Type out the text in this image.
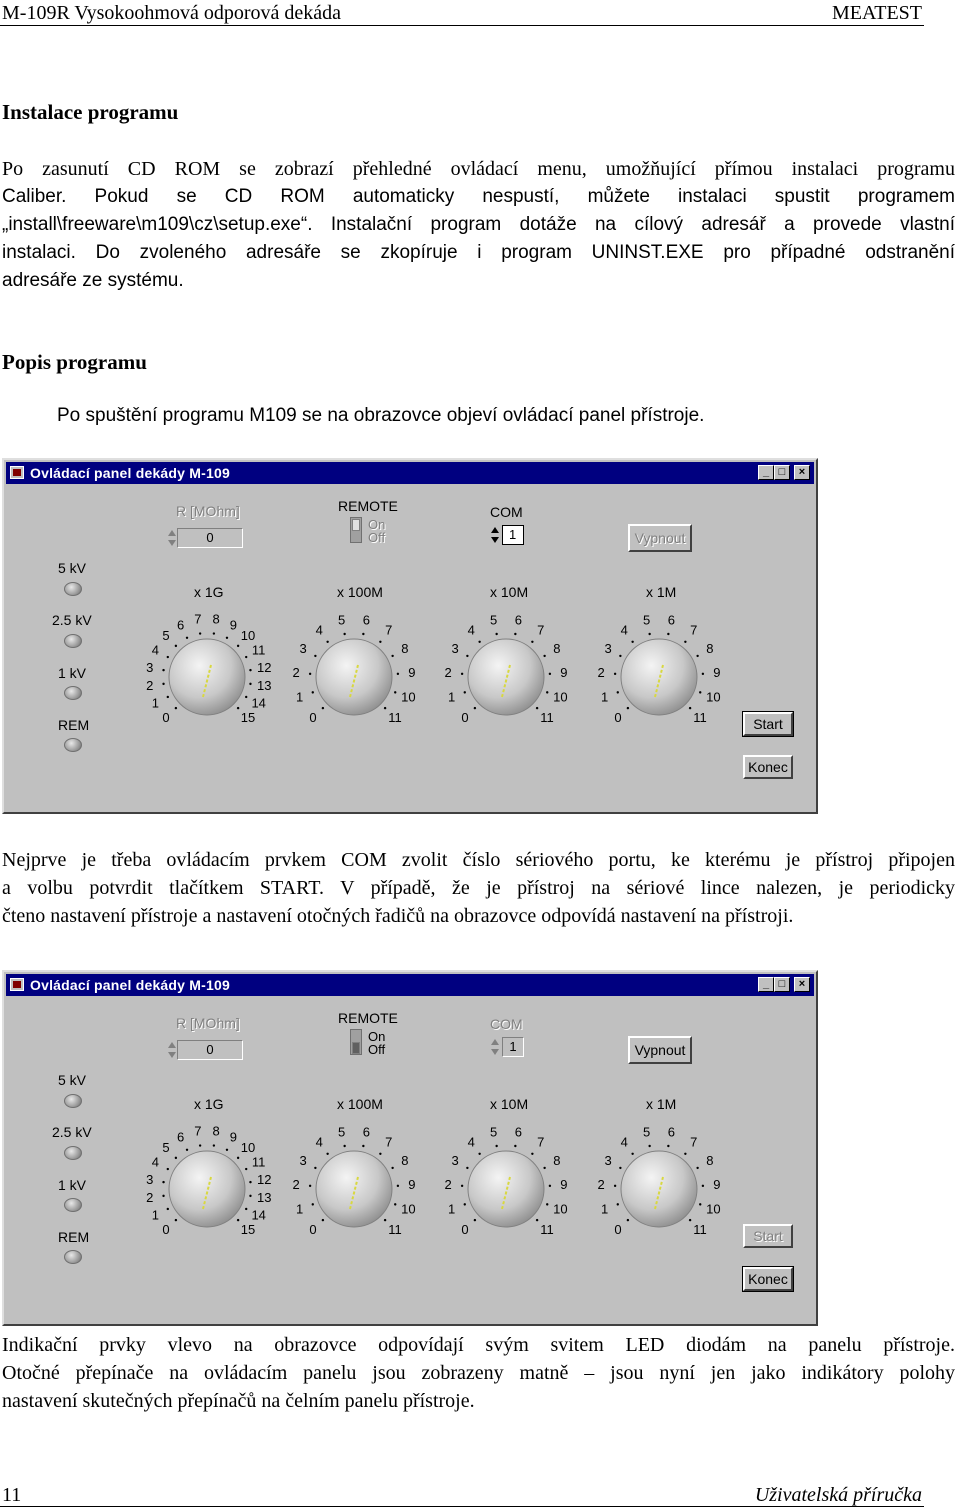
M-109R Vysokoohmová odporová dekáda	MEATEST
Instalace programu
Po zasunutí CD ROM se zobrazí přehledné ovládací menu, umožňující přímou instalaci programu
Caliber. Pokud se CD ROM automaticky nespustí, můžete instalaci spustit programem
„install\freeware\m109\cz\setup.exe“. Instalační program dotáže na cílový adresář a provede vlastní
instalaci. Do zvoleného adresáře se zkopíruje i program UNINST.EXE pro případné odstranění
adresáře ze systému.
Popis programu
Po spuštění programu M109 se na obrazovce objeví ovládací panel přístroje.
Ovládací panel dekády M-109	_ □	×
R [MOhm]
0
REMOTE
On
Off
COM
1	Vypnout
5 kV
2.5 kV
1 kV
REM
x 1G	x 100M	x 10M	x 1M
0
1
2
3
4
5
6 7 8 9
10
11
12
13
14
15	0
1
2
3
4
5 6
7
8
9
10
11	0
1
2
3
4
5 6
7
8
9
10
11	0
1
2
3
4
5 6
7
8
9
10
11	Start
Konec
Nejprve je třeba ovládacím prvkem COM zvolit číslo sériového portu, ke kterému je přístroj připojen
a volbu potvrdit tlačítkem START. V případě, že je přístroj na sériové lince nalezen, je periodicky
čteno nastavení přístroje a nastavení otočných řadičů na obrazovce odpovídá nastavení na přístroji.
Ovládací panel dekády M-109	_ □	×
R [MOhm]
0
REMOTE
On
Off
COM
1	Vypnout
5 kV
2.5 kV
1 kV
REM
x 1G	x 100M	x 10M	x 1M
0
1
2
3
4
5
6 7 8 9
10
11
12
13
14
15	0
1
2
3
4
5 6
7
8
9
10
11	0
1
2
3
4
5 6
7
8
9
10
11	0
1
2
3
4
5 6
7
8
9
10
11	Start
Konec
Indikační prvky vlevo na obrazovce odpovídají svým svitem LED diodám na panelu přístroje.
Otočné přepínače na ovládacím panelu jsou zobrazeny matně – jsou nyní jen jako indikátory polohy
nastavení skutečných přepínačů na čelním panelu přístroje.
11	Uživatelská příručka
